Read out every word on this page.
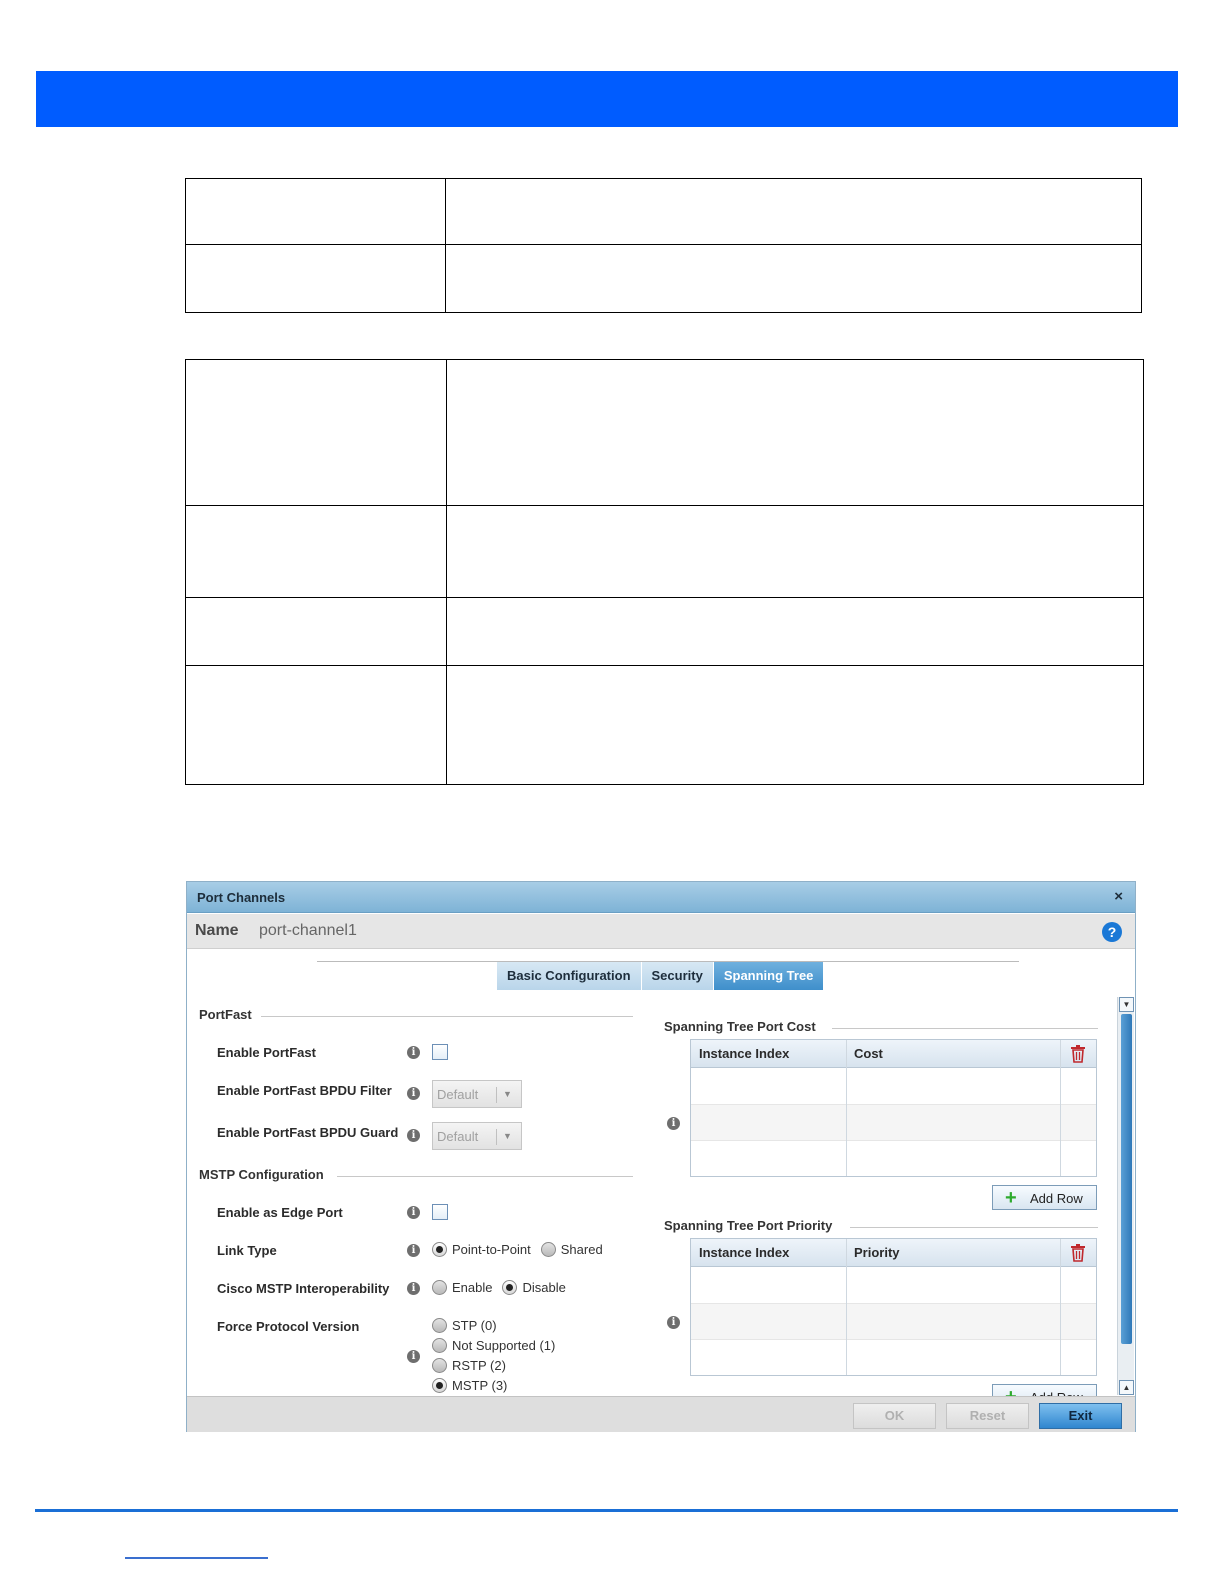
Port Channels	×
Name port-channel1	?
Basic Configuration	Security	Spanning Tree
PortFast
Enable PortFast	i
Enable PortFast BPDU Filter	i	Default	▼
Enable PortFast BPDU Guard	i	Default	▼
MSTP Configuration
Enable as Edge Port	i
Link Type	i	Point-to-Point Shared
Cisco MSTP Interoperability	i	Enable Disable
Force Protocol Version
i
STP (0)
Not Supported (1)
RSTP (2)
MSTP (3)
Spanning Tree Port Cost
i
Instance Index	Cost
+ Add Row
Spanning Tree Port Priority
i
Instance Index	Priority
▼
▲
OK	Reset	Exit
